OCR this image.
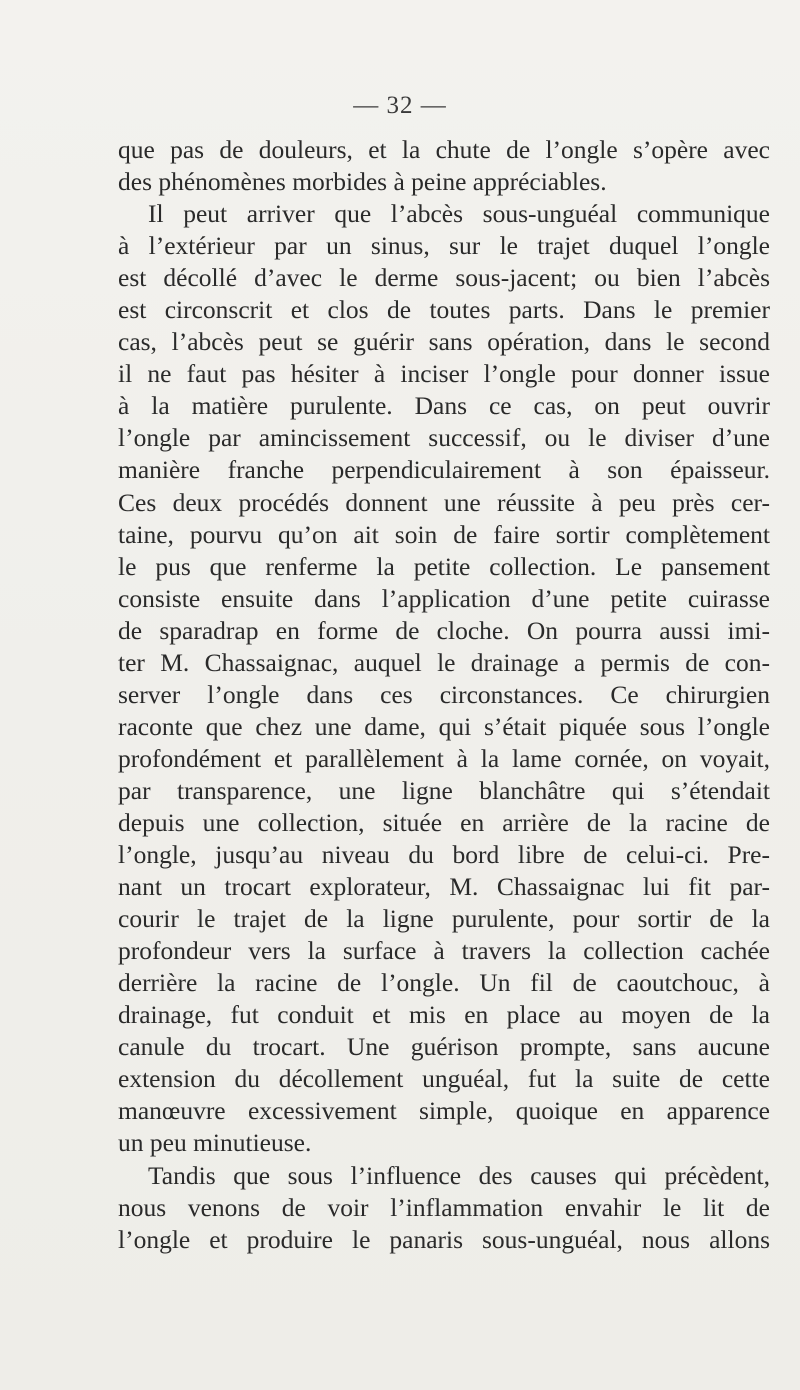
— 32 —
que pas de douleurs, et la chute de l’ongle s’opère avec
des phénomènes morbides à peine appréciables.
Il peut arriver que l’abcès sous-unguéal communique
à l’extérieur par un sinus, sur le trajet duquel l’ongle
est décollé d’avec le derme sous-jacent; ou bien l’abcès
est circonscrit et clos de toutes parts. Dans le premier
cas, l’abcès peut se guérir sans opération, dans le second
il ne faut pas hésiter à inciser l’ongle pour donner issue
à la matière purulente. Dans ce cas, on peut ouvrir
l’ongle par amincissement successif, ou le diviser d’une
manière franche perpendiculairement à son épaisseur.
Ces deux procédés donnent une réussite à peu près cer-
taine, pourvu qu’on ait soin de faire sortir complètement
le pus que renferme la petite collection. Le pansement
consiste ensuite dans l’application d’une petite cuirasse
de sparadrap en forme de cloche. On pourra aussi imi-
ter M. Chassaignac, auquel le drainage a permis de con-
server l’ongle dans ces circonstances. Ce chirurgien
raconte que chez une dame, qui s’était piquée sous l’ongle
profondément et parallèlement à la lame cornée, on voyait,
par transparence, une ligne blanchâtre qui s’étendait
depuis une collection, située en arrière de la racine de
l’ongle, jusqu’au niveau du bord libre de celui-ci. Pre-
nant un trocart explorateur, M. Chassaignac lui fit par-
courir le trajet de la ligne purulente, pour sortir de la
profondeur vers la surface à travers la collection cachée
derrière la racine de l’ongle. Un fil de caoutchouc, à
drainage, fut conduit et mis en place au moyen de la
canule du trocart. Une guérison prompte, sans aucune
extension du décollement unguéal, fut la suite de cette
manœuvre excessivement simple, quoique en apparence
un peu minutieuse.
Tandis que sous l’influence des causes qui précèdent,
nous venons de voir l’inflammation envahir le lit de
l’ongle et produire le panaris sous-unguéal, nous allons
